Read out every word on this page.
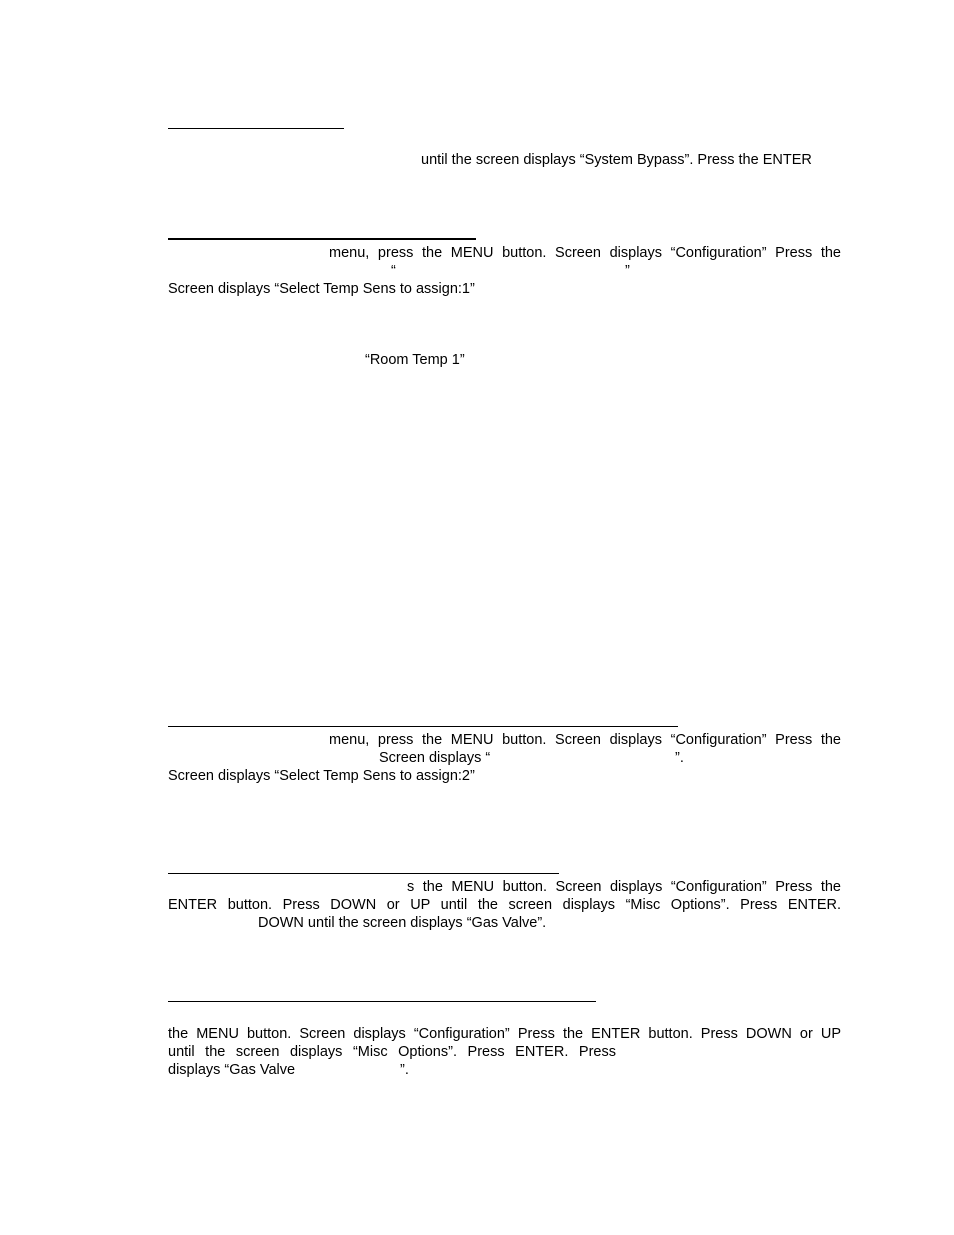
until the screen displays “System Bypass”. Press the ENTER
menu, press the MENU button. Screen displays “Configuration” Press the
“	”
Screen displays “Select Temp Sens to assign:1”
“Room Temp 1”
menu, press the MENU button. Screen displays “Configuration” Press the
Screen displays “	”.
Screen displays “Select Temp Sens to assign:2”
s the MENU button. Screen displays “Configuration” Press the
ENTER button. Press DOWN or UP until the screen displays “Misc Options”. Press ENTER.
DOWN until the screen displays “Gas Valve”.
the MENU button. Screen displays “Configuration” Press the ENTER button. Press DOWN or UP
until the screen displays “Misc Options”. Press ENTER. Press
displays “Gas Valve	”.
